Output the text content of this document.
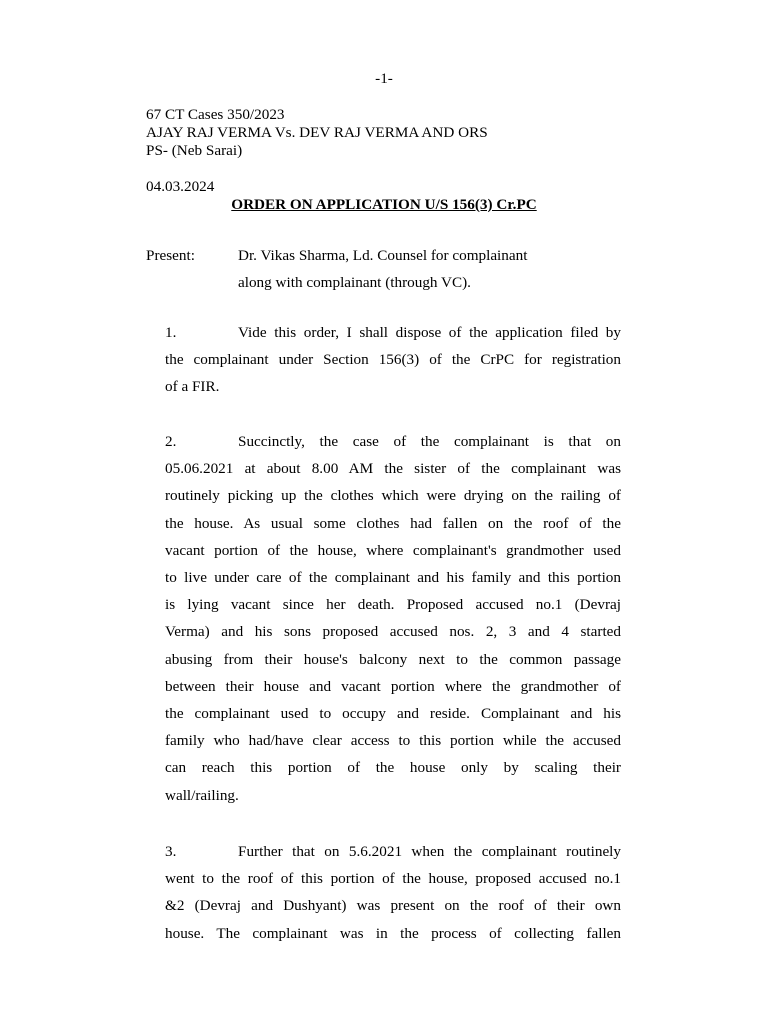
-1-
67 CT Cases 350/2023
AJAY RAJ VERMA Vs. DEV RAJ VERMA AND ORS
PS- (Neb Sarai)
04.03.2024
ORDER ON APPLICATION U/S 156(3) Cr.PC
Present:	Dr. Vikas Sharma, Ld. Counsel for complainant
along with complainant (through VC).
1.	Vide this order, I shall dispose of the application filed by
the complainant under Section 156(3) of the CrPC for registration
of a FIR.
2.	Succinctly, the case of the complainant is that on
05.06.2021 at about 8.00 AM the sister of the complainant was
routinely picking up the clothes which were drying on the railing of
the house. As usual some clothes had fallen on the roof of the
vacant portion of the house, where complainant's grandmother used
to live under care of the complainant and his family and this portion
is lying vacant since her death. Proposed accused no.1 (Devraj
Verma) and his sons proposed accused nos. 2, 3 and 4 started
abusing from their house's balcony next to the common passage
between their house and vacant portion where the grandmother of
the complainant used to occupy and reside. Complainant and his
family who had/have clear access to this portion while the accused
can reach this portion of the house only by scaling their
wall/railing.
3.	Further that on 5.6.2021 when the complainant routinely
went to the roof of this portion of the house, proposed accused no.1
&2 (Devraj and Dushyant) was present on the roof of their own
house. The complainant was in the process of collecting fallen
